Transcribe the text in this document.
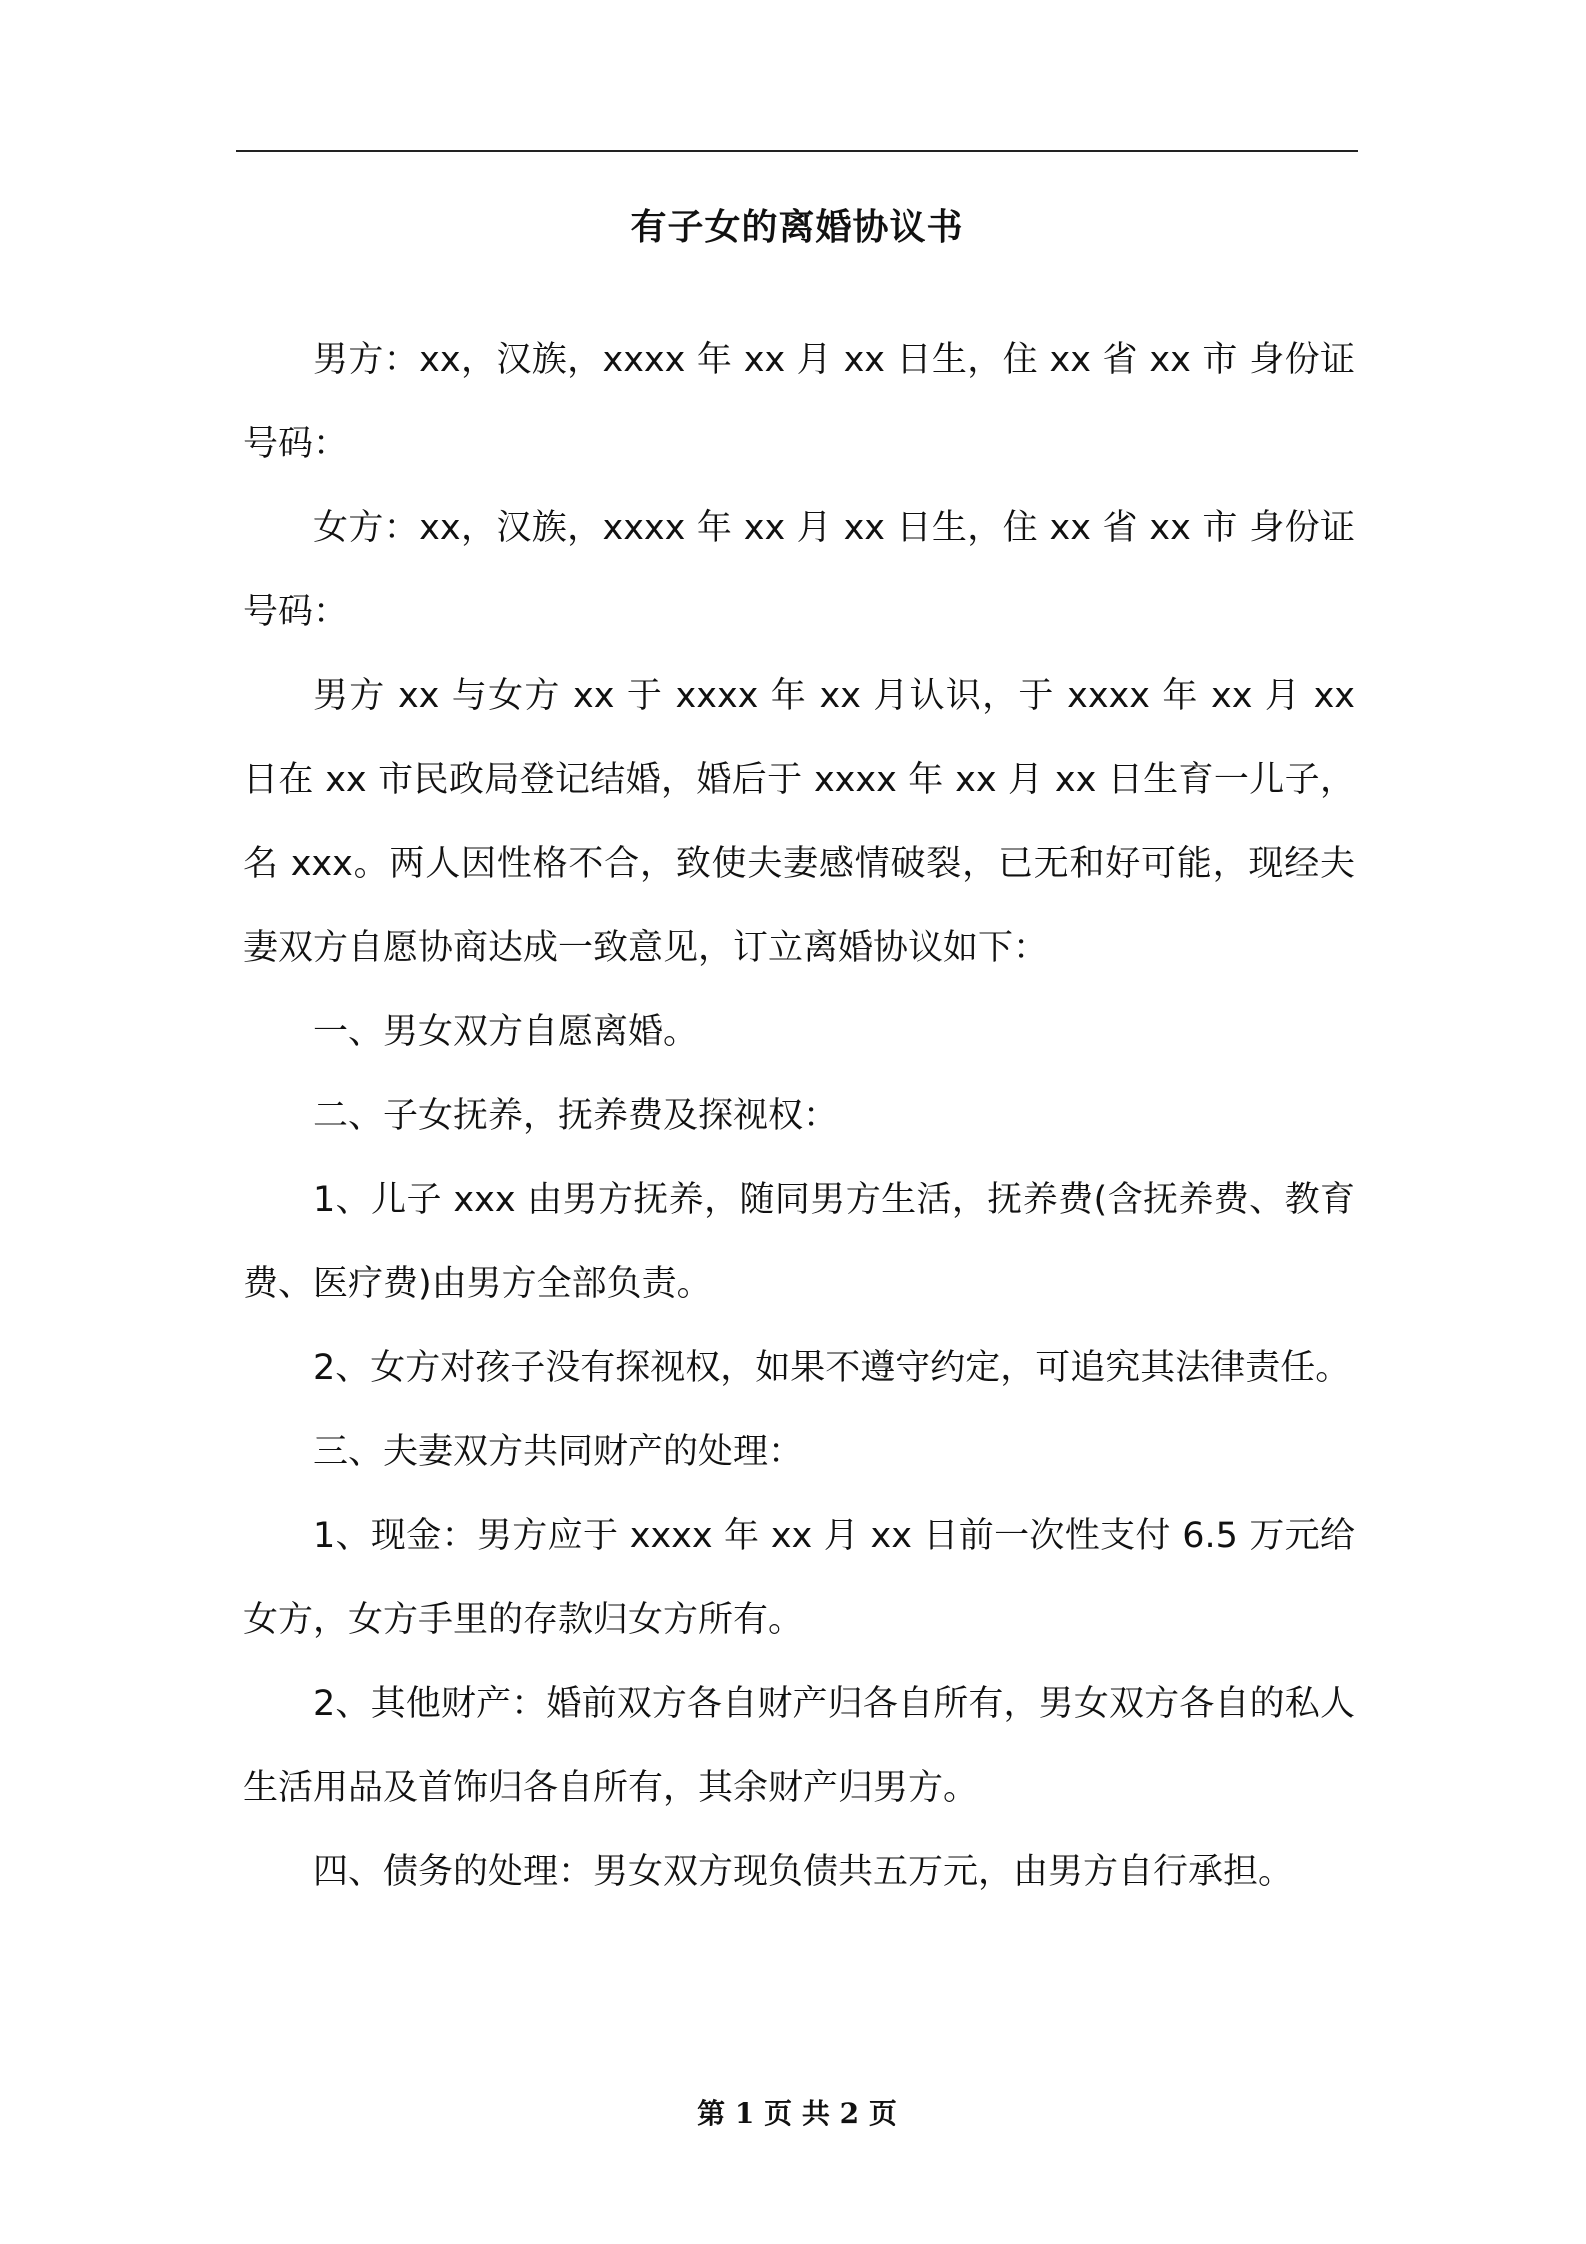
有子女的离婚协议书

男方：xx，汉族，xxxx 年 xx 月 xx 日生，住 xx 省 xx 市 身份证号码：

女方：xx，汉族，xxxx 年 xx 月 xx 日生，住 xx 省 xx 市 身份证号码：

男方 xx 与女方 xx 于 xxxx 年 xx 月认识，于 xxxx 年 xx 月 xx 日在 xx 市民政局登记结婚，婚后于 xxxx 年 xx 月 xx 日生育一儿子，名 xxx。两人因性格不合，致使夫妻感情破裂，已无和好可能，现经夫妻双方自愿协商达成一致意见，订立离婚协议如下：

一、男女双方自愿离婚。

二、子女抚养，抚养费及探视权：

1、儿子 xxx 由男方抚养，随同男方生活，抚养费(含抚养费、教育费、医疗费)由男方全部负责。

2、女方对孩子没有探视权，如果不遵守约定，可追究其法律责任。

三、夫妻双方共同财产的处理：

1、现金：男方应于 xxxx 年 xx 月 xx 日前一次性支付 6.5 万元给女方，女方手里的存款归女方所有。

2、其他财产：婚前双方各自财产归各自所有，男女双方各自的私人生活用品及首饰归各自所有，其余财产归男方。

四、债务的处理：男女双方现负债共五万元，由男方自行承担。

第 1 页 共 2 页
